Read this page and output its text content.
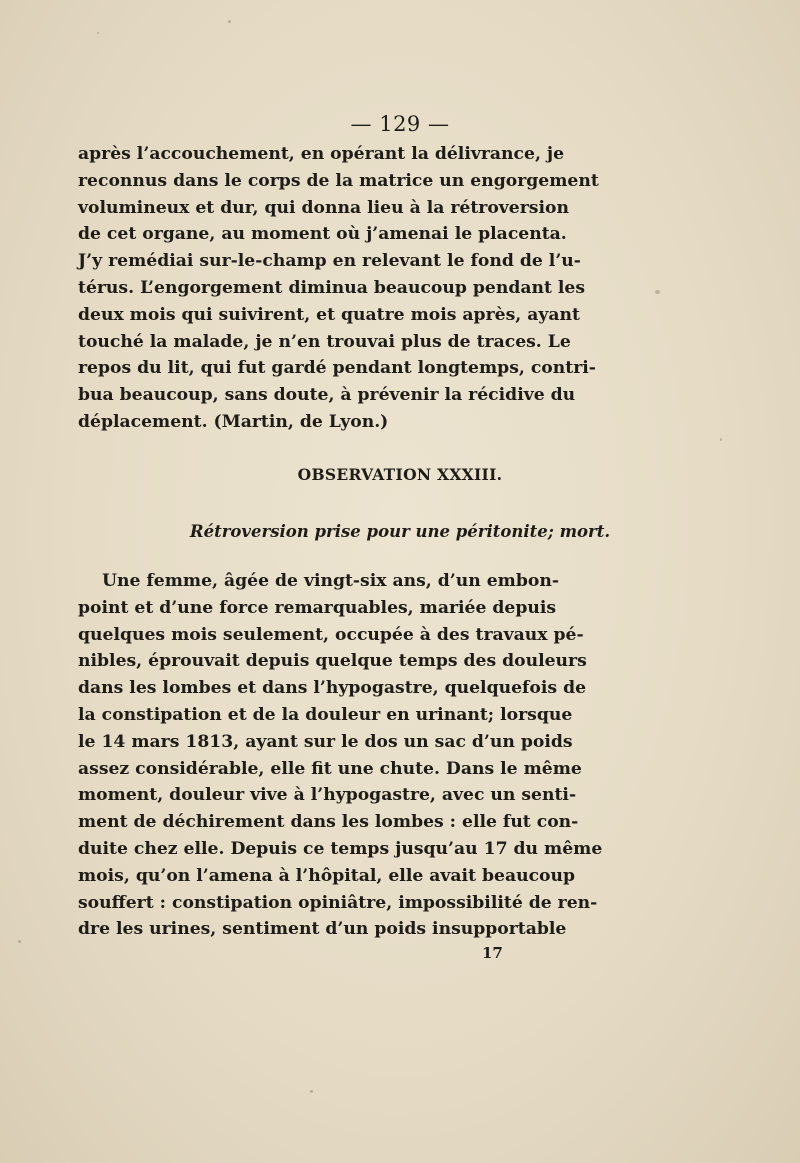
— 129 —
après l’accouchement, en opérant la délivrance, je
reconnus dans le corps de la matrice un engorgement
volumineux et dur, qui donna lieu à la rétroversion
de cet organe, au moment où j’amenai le placenta.
J’y remédiai sur-le-champ en relevant le fond de l’u-
térus. L’engorgement diminua beaucoup pendant les
deux mois qui suivirent, et quatre mois après, ayant
touché la malade, je n’en trouvai plus de traces. Le
repos du lit, qui fut gardé pendant longtemps, contri-
bua beaucoup, sans doute, à prévenir la récidive du
déplacement. (Martin, de Lyon.)
OBSERVATION XXXIII.
Rétroversion prise pour une péritonite; mort.
Une femme, âgée de vingt-six ans, d’un embon-
point et d’une force remarquables, mariée depuis
quelques mois seulement, occupée à des travaux pé-
nibles, éprouvait depuis quelque temps des douleurs
dans les lombes et dans l’hypogastre, quelquefois de
la constipation et de la douleur en urinant; lorsque
le 14 mars 1813, ayant sur le dos un sac d’un poids
assez considérable, elle fit une chute. Dans le même
moment, douleur vive à l’hypogastre, avec un senti-
ment de déchirement dans les lombes : elle fut con-
duite chez elle. Depuis ce temps jusqu’au 17 du même
mois, qu’on l’amena à l’hôpital, elle avait beaucoup
souffert : constipation opiniâtre, impossibilité de ren-
dre les urines, sentiment d’un poids insupportable
17
